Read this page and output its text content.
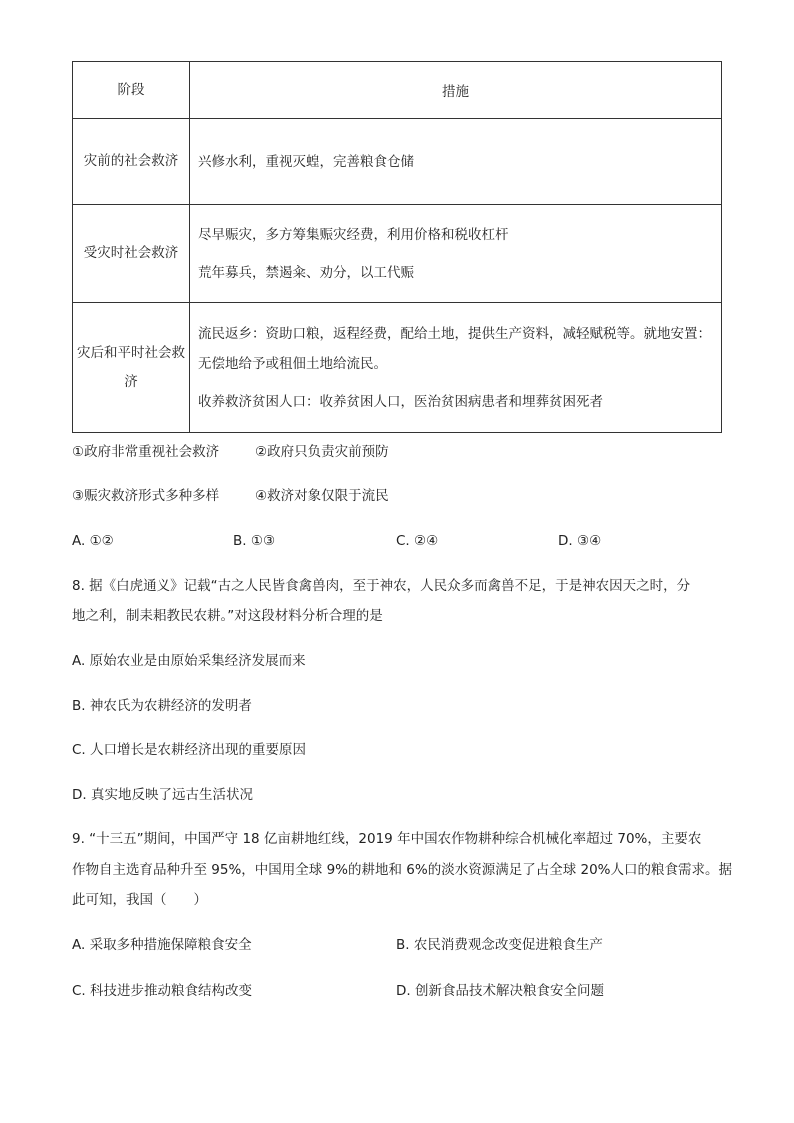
阶段	措施
灾前的社会救济	兴修水利，重视灭蝗，完善粮食仓储

受灾时社会救济	尽早赈灾，多方筹集赈灾经费，利用价格和税收杠杆

荒年募兵，禁遏籴、劝分，以工代赈

灾后和平时社会救济	流民返乡：资助口粮，返程经费，配给土地，提供生产资料，减轻赋税等。就地安置：无偿地给予或租佃土地给流民。

收养救济贫困人口：收养贫困人口，医治贫困病患者和埋葬贫困死者

①政府非常重视社会救济	②政府只负责灾前预防
③赈灾救济形式多种多样	④救济对象仅限于流民
A. ①②	B. ①③	C. ②④	D. ③④
8. 据《白虎通义》记载“古之人民皆食禽兽肉，至于神农，人民众多而禽兽不足，于是神农因天之时，分
地之利，制耒耜教民农耕。”对这段材料分析合理的是
A. 原始农业是由原始采集经济发展而来
B. 神农氏为农耕经济的发明者
C. 人口增长是农耕经济出现的重要原因
D. 真实地反映了远古生活状况
9. “十三五”期间，中国严守 18 亿亩耕地红线，2019 年中国农作物耕种综合机械化率超过 70%，主要农
作物自主选育品种升至 95%，中国用全球 9%的耕地和 6%的淡水资源满足了占全球 20%人口的粮食需求。据
此可知，我国（　　）
A. 采取多种措施保障粮食安全	B. 农民消费观念改变促进粮食生产
C. 科技进步推动粮食结构改变	D. 创新食品技术解决粮食安全问题
